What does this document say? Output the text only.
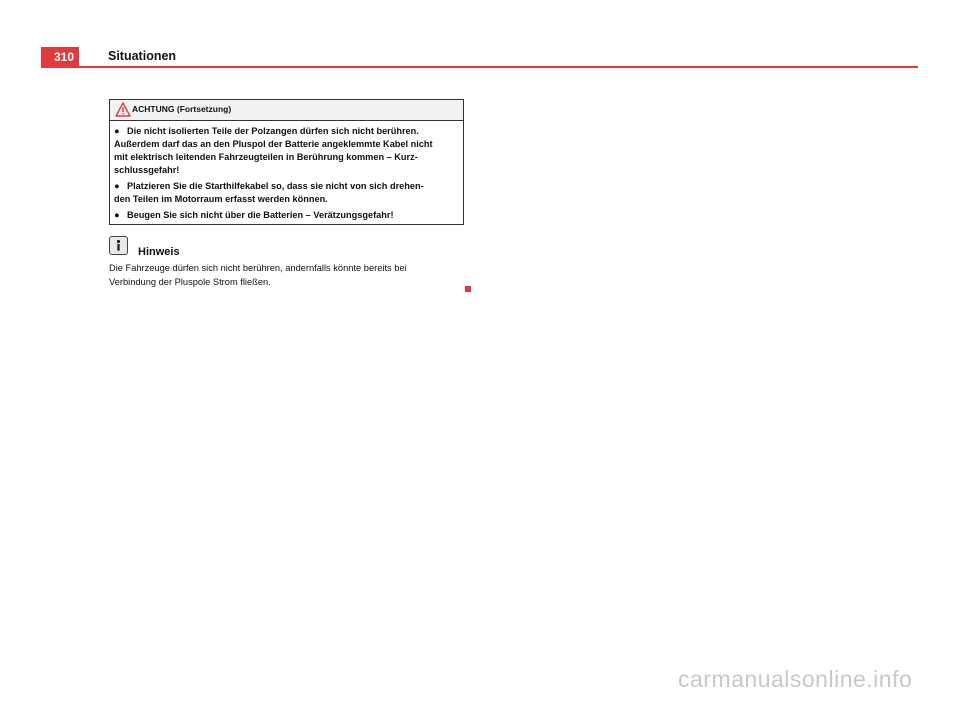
310	Situationen
ACHTUNG (Fortsetzung)
● Die nicht isolierten Teile der Polzangen dürfen sich nicht berühren.
Außerdem darf das an den Pluspol der Batterie angeklemmte Kabel nicht
mit elektrisch leitenden Fahrzeugteilen in Berührung kommen – Kurz-
schlussgefahr!
● Platzieren Sie die Starthilfekabel so, dass sie nicht von sich drehen-
den Teilen im Motorraum erfasst werden können.
● Beugen Sie sich nicht über die Batterien – Verätzungsgefahr!
Hinweis
Die Fahrzeuge dürfen sich nicht berühren, andernfalls könnte bereits bei
Verbindung der Pluspole Strom fließen.
carmanualsonline.info
